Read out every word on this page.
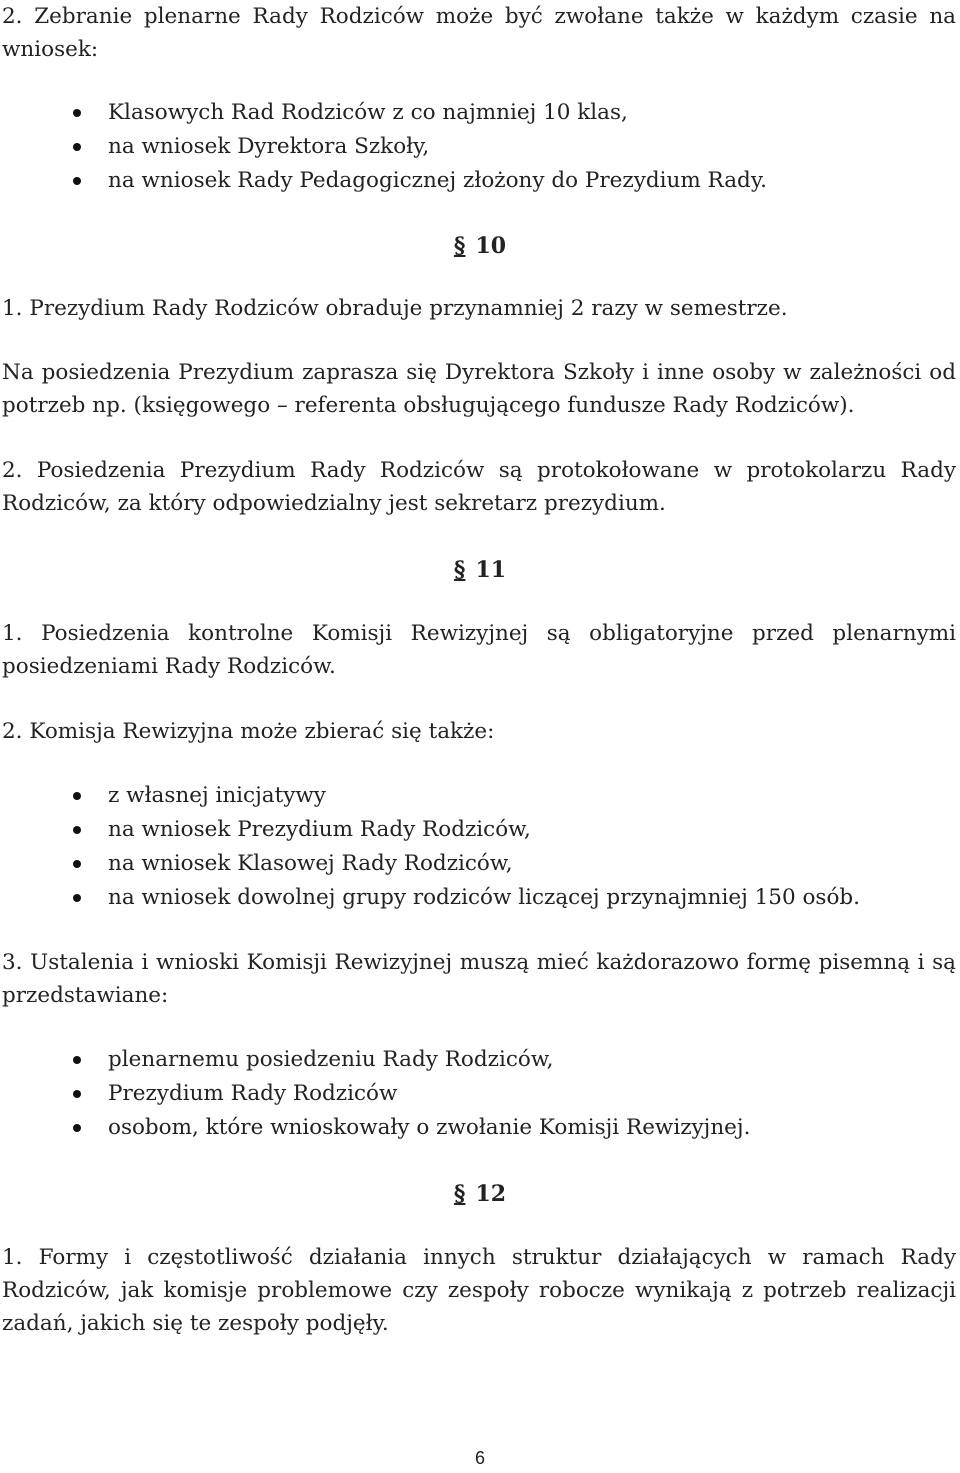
2. Zebranie plenarne Rady Rodziców może być zwołane także w każdym czasie na wniosek:

Klasowych Rad Rodziców z co najmniej 10 klas,
na wniosek Dyrektora Szkoły,
na wniosek Rady Pedagogicznej złożony do Prezydium Rady.
§ 10

1. Prezydium Rady Rodziców obraduje przynamniej 2 razy w semestrze.

Na posiedzenia Prezydium zaprasza się Dyrektora Szkoły i inne osoby w zależności od potrzeb np. (księgowego – referenta obsługującego fundusze Rady Rodziców).

2. Posiedzenia Prezydium Rady Rodziców są protokołowane w protokolarzu Rady Rodziców, za który odpowiedzialny jest sekretarz prezydium.

§ 11

1. Posiedzenia kontrolne Komisji Rewizyjnej są obligatoryjne przed plenarnymi posiedzeniami Rady Rodziców.

2. Komisja Rewizyjna może zbierać się także:

z własnej inicjatywy
na wniosek Prezydium Rady Rodziców,
na wniosek Klasowej Rady Rodziców,
na wniosek dowolnej grupy rodziców liczącej przynajmniej 150 osób.

3. Ustalenia i wnioski Komisji Rewizyjnej muszą mieć każdorazowo formę pisemną i są przedstawiane:

plenarnemu posiedzeniu Rady Rodziców,
Prezydium Rady Rodziców
osobom, które wnioskowały o zwołanie Komisji Rewizyjnej.
§ 12

1. Formy i częstotliwość działania innych struktur działających w ramach Rady Rodziców, jak komisje problemowe czy zespoły robocze wynikają z potrzeb realizacji zadań, jakich się te zespoły podjęły.

6
